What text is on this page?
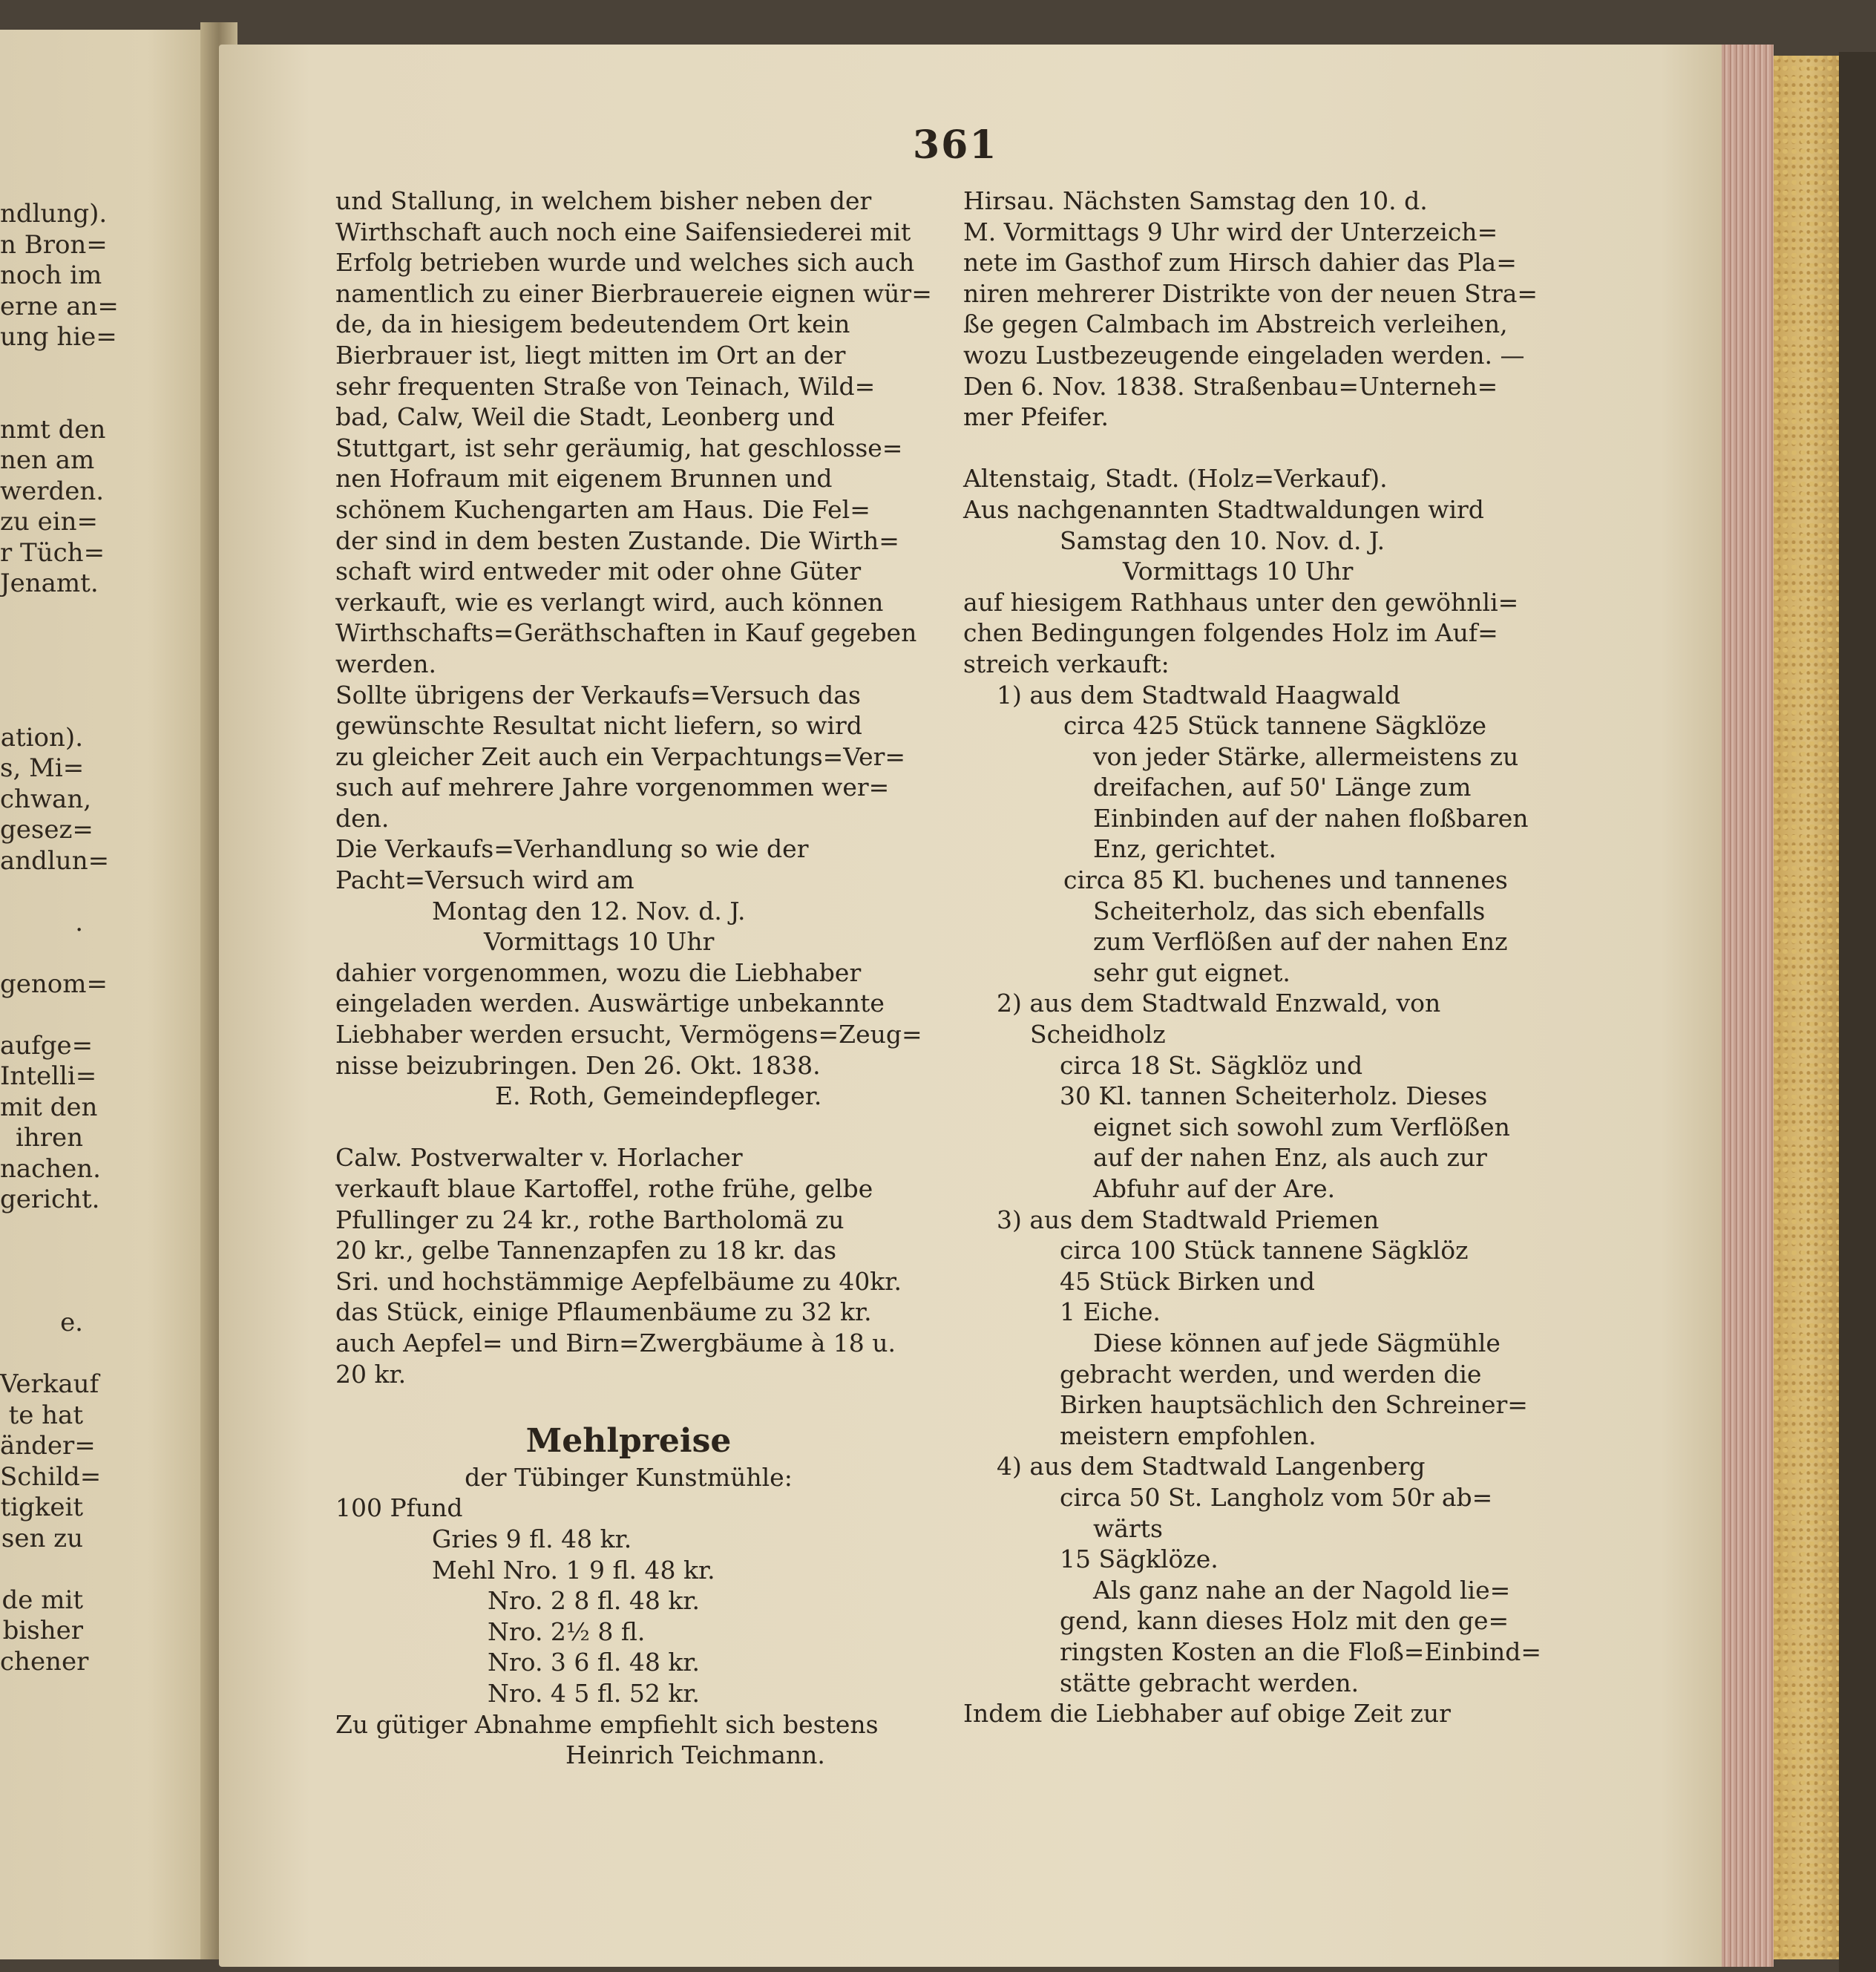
ndlung).
n Bron=
noch im
erne an=
ung hie=
nmt den
nen am
werden.
zu ein=
r Tüch=
Jenamt.
ation).
s, Mi=
chwan,
gesez=
andlun=
.
genom=
aufge=
Intelli=
mit den
ihren
nachen.
gericht.
e.
Verkauf
te hat
änder=
Schild=
tigkeit
sen zu
de mit
bisher
chener
361
und Stallung, in welchem bisher neben der
Wirthschaft auch noch eine Saifensiederei mit
Erfolg betrieben wurde und welches sich auch
namentlich zu einer Bierbrauereie eignen wür=
de, da in hiesigem bedeutendem Ort kein
Bierbrauer ist, liegt mitten im Ort an der
sehr frequenten Straße von Teinach, Wild=
bad, Calw, Weil die Stadt, Leonberg und
Stuttgart, ist sehr geräumig, hat geschlosse=
nen Hofraum mit eigenem Brunnen und
schönem Kuchengarten am Haus. Die Fel=
der sind in dem besten Zustande. Die Wirth=
schaft wird entweder mit oder ohne Güter
verkauft, wie es verlangt wird, auch können
Wirthschafts=Geräthschaften in Kauf gegeben
werden.
Sollte übrigens der Verkaufs=Versuch das
gewünschte Resultat nicht liefern, so wird
zu gleicher Zeit auch ein Verpachtungs=Ver=
such auf mehrere Jahre vorgenommen wer=
den.
Die Verkaufs=Verhandlung so wie der
Pacht=Versuch wird am
Montag den 12. Nov. d. J.
Vormittags 10 Uhr
dahier vorgenommen, wozu die Liebhaber
eingeladen werden. Auswärtige unbekannte
Liebhaber werden ersucht, Vermögens=Zeug=
nisse beizubringen. Den 26. Okt. 1838.
E. Roth, Gemeindepfleger.
Calw. Postverwalter v. Horlacher
verkauft blaue Kartoffel, rothe frühe, gelbe
Pfullinger zu 24 kr., rothe Bartholomä zu
20 kr., gelbe Tannenzapfen zu 18 kr. das
Sri. und hochstämmige Aepfelbäume zu 40kr.
das Stück, einige Pflaumenbäume zu 32 kr.
auch Aepfel= und Birn=Zwergbäume à 18 u.
20 kr.
Mehlpreise
der Tübinger Kunstmühle:
100 Pfund
Gries 9 fl. 48 kr.
Mehl Nro. 1 9 fl. 48 kr.
Nro. 2 8 fl. 48 kr.
Nro. 2½ 8 fl.
Nro. 3 6 fl. 48 kr.
Nro. 4 5 fl. 52 kr.
Zu gütiger Abnahme empfiehlt sich bestens
Heinrich Teichmann.
Hirsau. Nächsten Samstag den 10. d.
M. Vormittags 9 Uhr wird der Unterzeich=
nete im Gasthof zum Hirsch dahier das Pla=
niren mehrerer Distrikte von der neuen Stra=
ße gegen Calmbach im Abstreich verleihen,
wozu Lustbezeugende eingeladen werden. —
Den 6. Nov. 1838. Straßenbau=Unterneh=
mer Pfeifer.
Altenstaig, Stadt. (Holz=Verkauf).
Aus nachgenannten Stadtwaldungen wird
Samstag den 10. Nov. d. J.
Vormittags 10 Uhr
auf hiesigem Rathhaus unter den gewöhnli=
chen Bedingungen folgendes Holz im Auf=
streich verkauft:
1) aus dem Stadtwald Haagwald
circa 425 Stück tannene Sägklöze
von jeder Stärke, allermeistens zu
dreifachen, auf 50' Länge zum
Einbinden auf der nahen floßbaren
Enz, gerichtet.
circa 85 Kl. buchenes und tannenes
Scheiterholz, das sich ebenfalls
zum Verflößen auf der nahen Enz
sehr gut eignet.
2) aus dem Stadtwald Enzwald, von
Scheidholz
circa 18 St. Sägklöz und
30 Kl. tannen Scheiterholz. Dieses
eignet sich sowohl zum Verflößen
auf der nahen Enz, als auch zur
Abfuhr auf der Are.
3) aus dem Stadtwald Priemen
circa 100 Stück tannene Sägklöz
45 Stück Birken und
1 Eiche.
Diese können auf jede Sägmühle
gebracht werden, und werden die
Birken hauptsächlich den Schreiner=
meistern empfohlen.
4) aus dem Stadtwald Langenberg
circa 50 St. Langholz vom 50r ab=
wärts
15 Sägklöze.
Als ganz nahe an der Nagold lie=
gend, kann dieses Holz mit den ge=
ringsten Kosten an die Floß=Einbind=
stätte gebracht werden.
Indem die Liebhaber auf obige Zeit zur
